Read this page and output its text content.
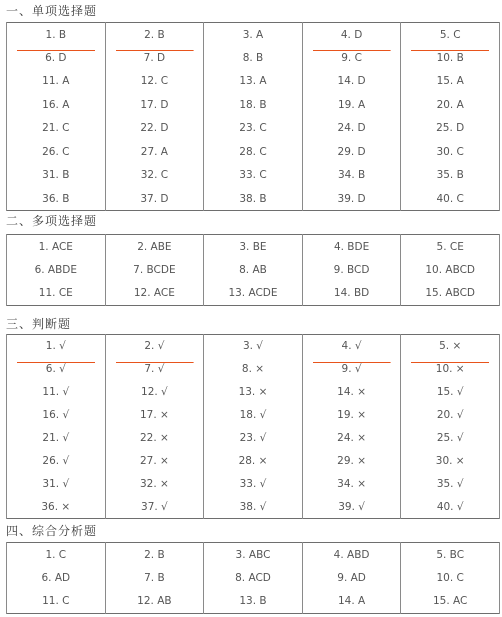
一、单项选择题
1. B	2. B	3. A	4. D	5. C
6. D	7. D	8. B	9. C	10. B
11. A	12. C	13. A	14. D	15. A
16. A	17. D	18. B	19. A	20. A
21. C	22. D	23. C	24. D	25. D
26. C	27. A	28. C	29. D	30. C
31. B	32. C	33. C	34. B	35. B
36. B	37. D	38. B	39. D	40. C
二、多项选择题
1. ACE	2. ABE	3. BE	4. BDE	5. CE
6. ABDE	7. BCDE	8. AB	9. BCD	10. ABCD
11. CE	12. ACE	13. ACDE	14. BD	15. ABCD
三、判断题
1. √	2. √	3. √	4. √	5. ×
6. √	7. √	8. ×	9. √	10. ×
11. √	12. √	13. ×	14. ×	15. √
16. √	17. ×	18. √	19. ×	20. √
21. √	22. ×	23. √	24. ×	25. √
26. √	27. ×	28. ×	29. ×	30. ×
31. √	32. ×	33. √	34. ×	35. √
36. ×	37. √	38. √	39. √	40. √
四、综合分析题
1. C	2. B	3. ABC	4. ABD	5. BC
6. AD	7. B	8. ACD	9. AD	10. C
11. C	12. AB	13. B	14. A	15. AC
